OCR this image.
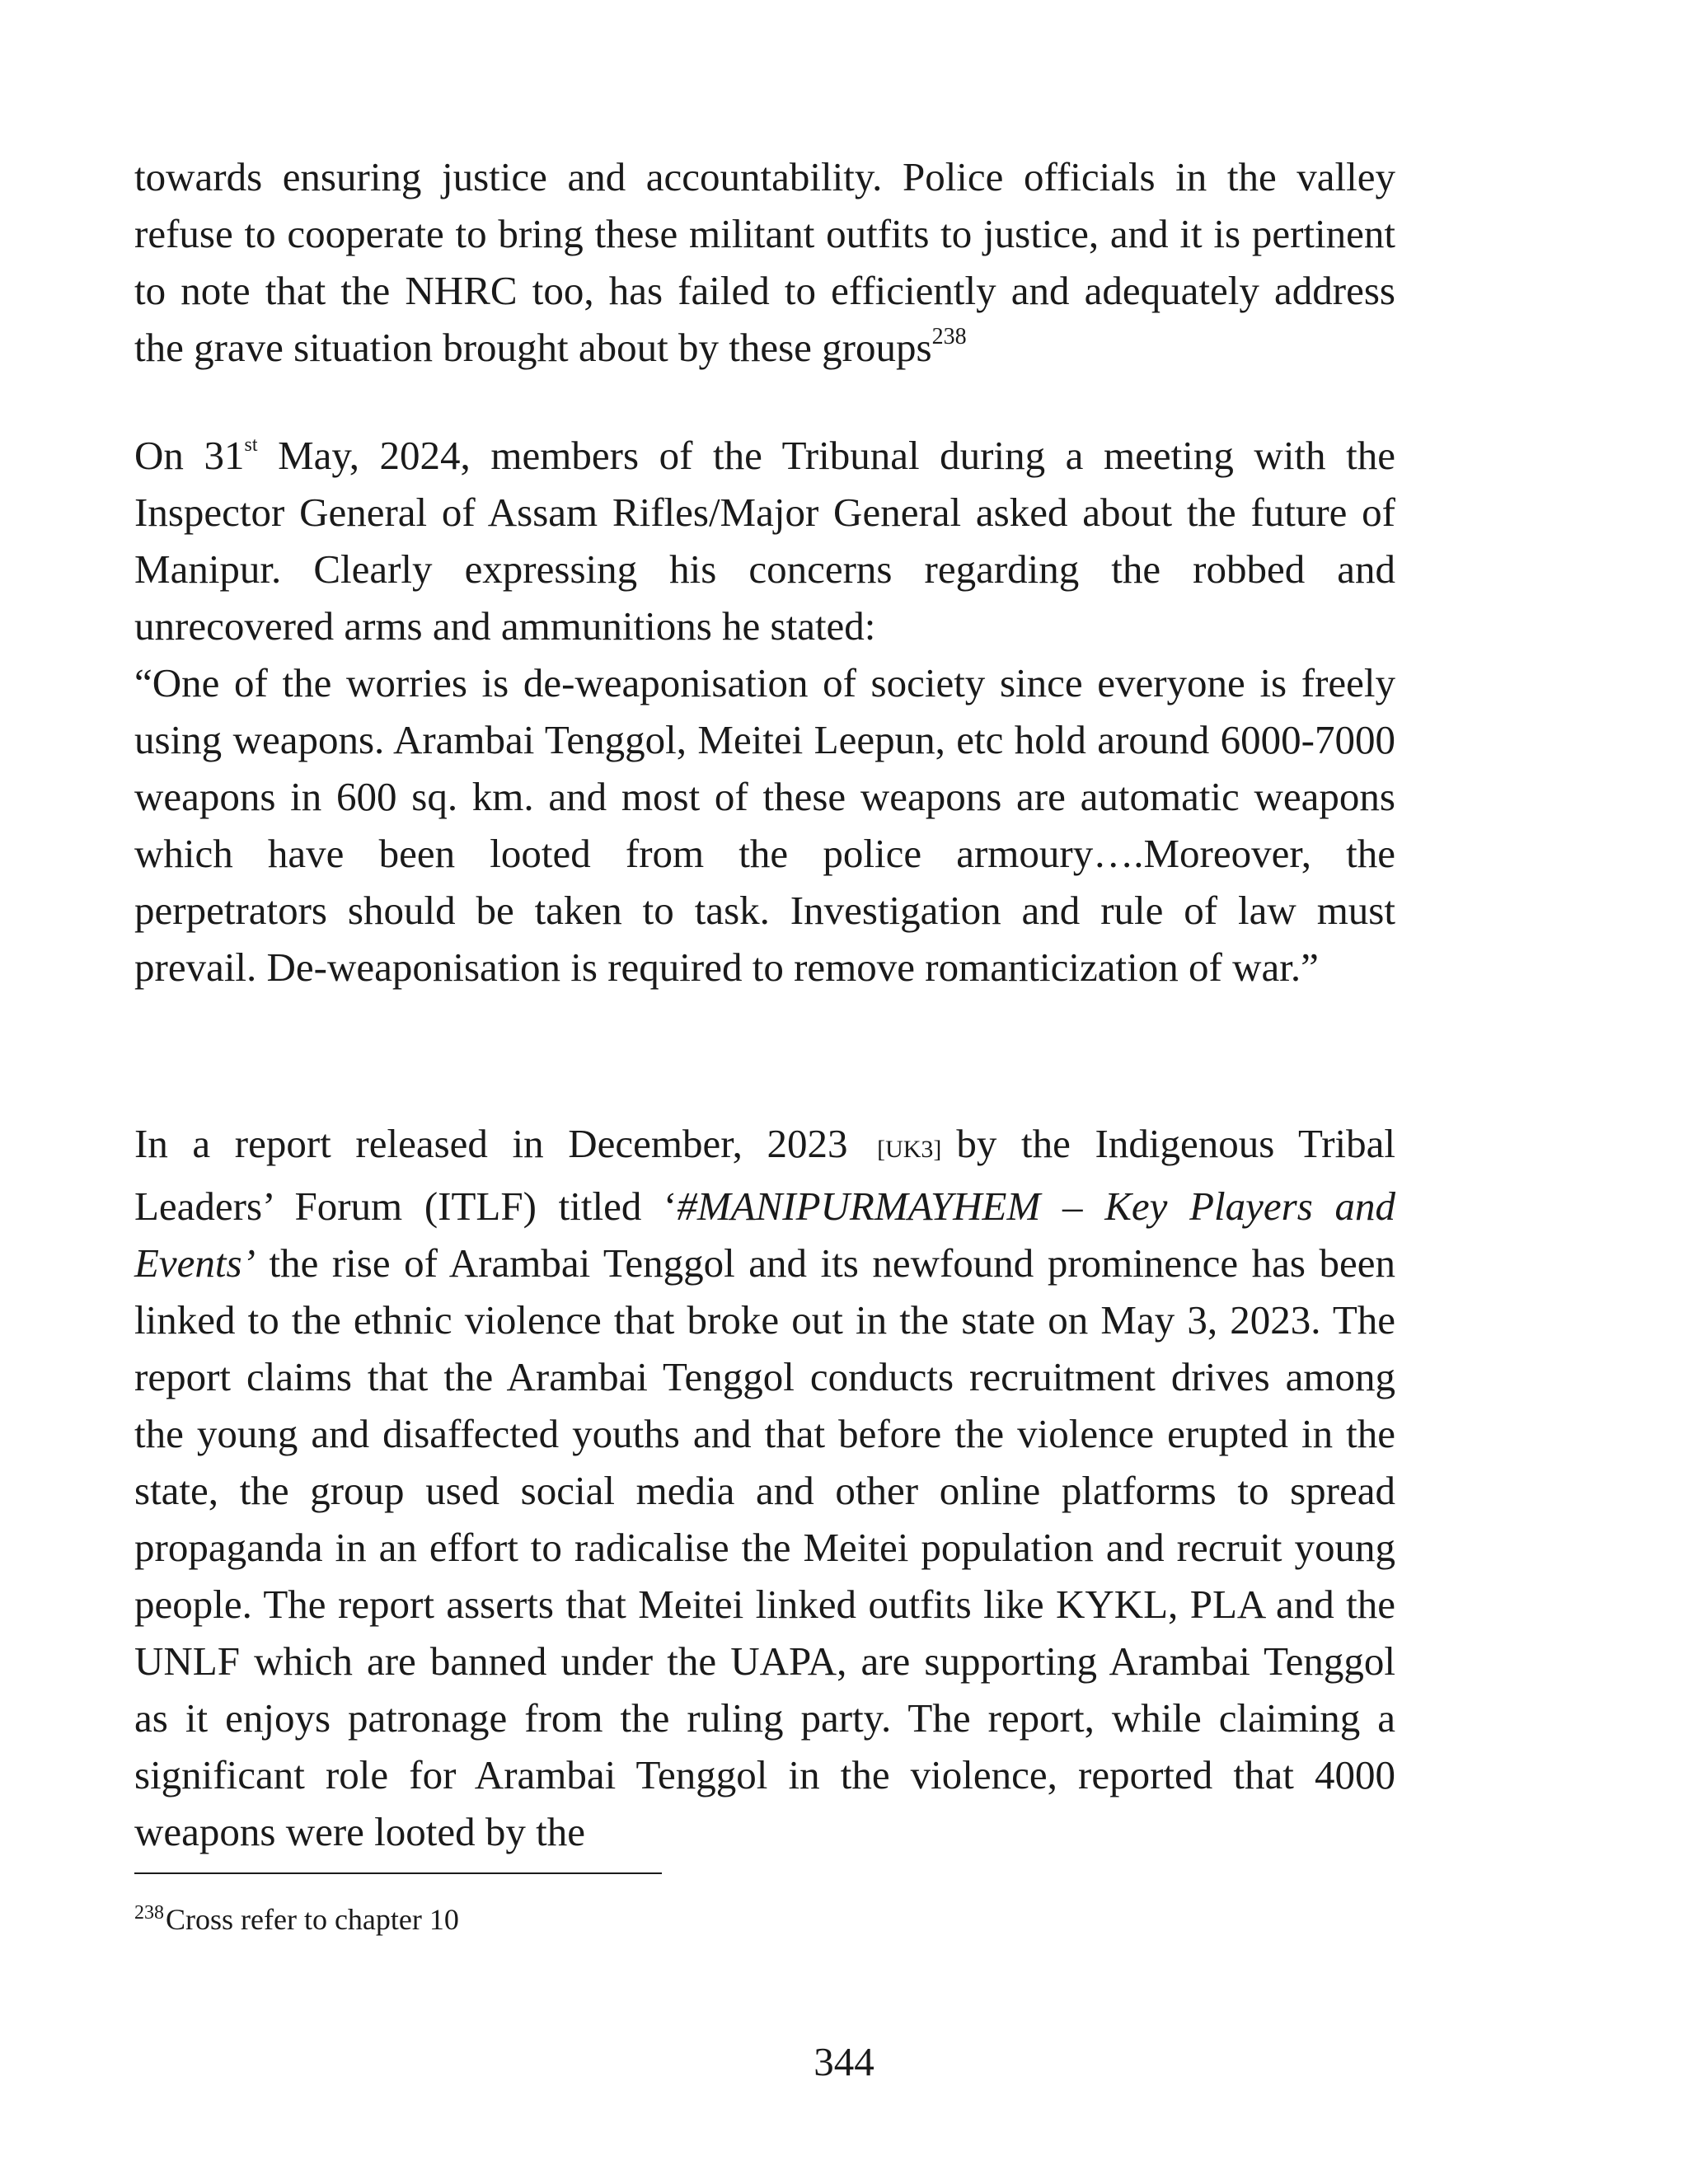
towards ensuring justice and accountability. Police officials in the valley refuse to cooperate to bring these militant outfits to justice, and it is pertinent to note that the NHRC too, has failed to efficiently and adequately address the grave situation brought about by these groups$^{238}$

On 31st May, 2024, members of the Tribunal during a meeting with the Inspector General of Assam Rifles/Major General asked about the future of Manipur. Clearly expressing his concerns regarding the robbed and unrecovered arms and ammunitions he stated:

“One of the worries is de-weaponisation of society since everyone is freely using weapons. Arambai Tenggol, Meitei Leepun, etc hold around 6000-7000 weapons in 600 sq. km. and most of these weapons are automatic weapons which have been looted from the police armoury….Moreover, the perpetrators should be taken to task. Investigation and rule of law must prevail. De-weaponisation is required to remove romanticization of war.”

In a report released in December, 2023 [UK3] by the Indigenous Tribal Leaders’ Forum (ITLF) titled ‘#MANIPURMAYHEM – Key Players and Events’ the rise of Arambai Tenggol and its newfound prominence has been linked to the ethnic violence that broke out in the state on May 3, 2023. The report claims that the Arambai Tenggol conducts recruitment drives among the young and disaffected youths and that before the violence erupted in the state, the group used social media and other online platforms to spread propaganda in an effort to radicalise the Meitei population and recruit young people. The report asserts that Meitei linked outfits like KYKL, PLA and the UNLF which are banned under the UAPA, are supporting Arambai Tenggol as it enjoys patronage from the ruling party. The report, while claiming a significant role for Arambai Tenggol in the violence, reported that 4000 weapons were looted by the

$^{238}$Cross refer to chapter 10
344
